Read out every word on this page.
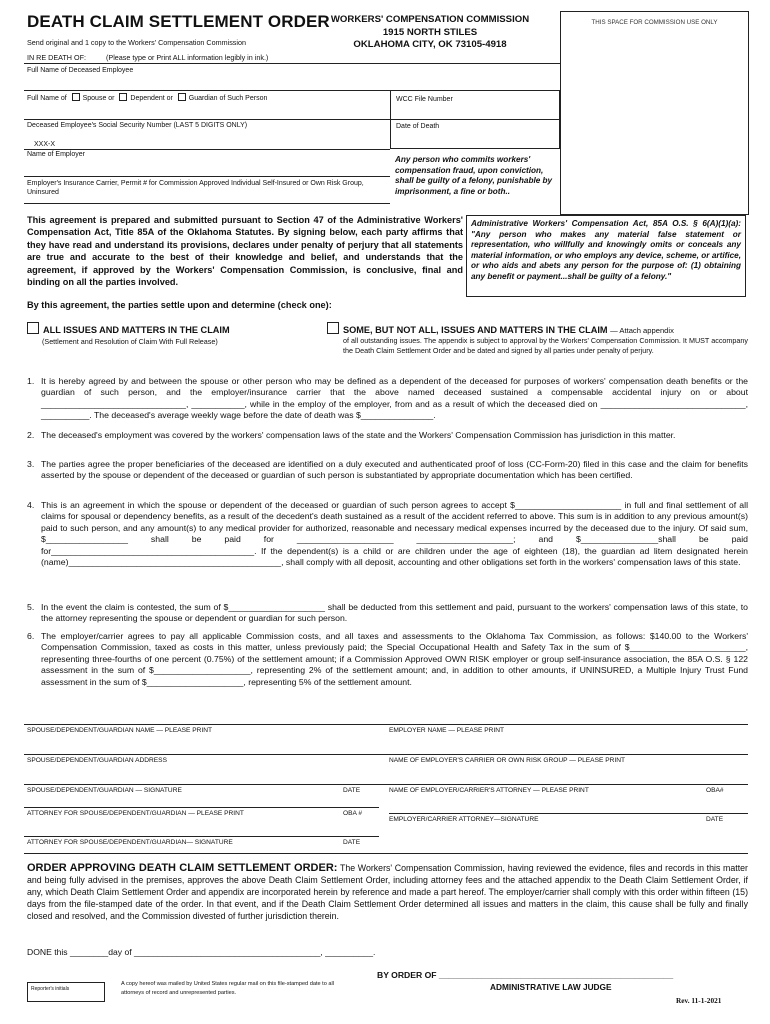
DEATH CLAIM SETTLEMENT ORDER
Send original and 1 copy to the Workers' Compensation Commission
IN RE DEATH OF:	(Please type or Print ALL information legibly in ink.)
WORKERS' COMPENSATION COMMISSION
1915 NORTH STILES
OKLAHOMA CITY, OK 73105-4918
THIS SPACE FOR COMMISSION USE ONLY
Full Name of Deceased Employee
Full Name of Spouse or Dependent or Guardian of Such Person	WCC File Number
Date of Death
Deceased Employee's Social Security Number (LAST 5 DIGITS ONLY)
XXX-X
Name of Employer
Employer's Insurance Carrier, Permit # for Commission Approved Individual Self-Insured or Own Risk Group, Uninsured
Any person who commits workers' compensation fraud, upon conviction, shall be guilty of a felony, punishable by imprisonment, a fine or both..
This agreement is prepared and submitted pursuant to Section 47 of the Administrative Workers' Compensation Act, Title 85A of the Oklahoma Statutes. By signing below, each party affirms that they have read and understand its provisions, declares under penalty of perjury that all statements are true and accurate to the best of their knowledge and belief, and understands that the agreement, if approved by the Workers' Compensation Commission, is conclusive, final and binding on all the parties involved.
Administrative Workers' Compensation Act, 85A O.S. § 6(A)(1)(a): "Any person who makes any material false statement or representation, who willfully and knowingly omits or conceals any material information, or who employs any device, scheme, or artifice, or who aids and abets any person for the purpose of: (1) obtaining any benefit or payment...shall be guilty of a felony."
By this agreement, the parties settle upon and determine (check one):
ALL ISSUES AND MATTERS IN THE CLAIM
(Settlement and Resolution of Claim With Full Release)
SOME, BUT NOT ALL, ISSUES AND MATTERS IN THE CLAIM — Attach appendix
of all outstanding issues. The appendix is subject to approval by the Workers' Compensation Commission. It MUST accompany the Death Claim Settlement Order and be dated and signed by all parties under penalty of perjury.
1. It is hereby agreed by and between the spouse or other person who may be defined as a dependent of the deceased for purposes of workers' compensation death benefits or the guardian of such person, and the employer/insurance carrier that the above named deceased sustained a compensable accidental injury on or about ______________________________, ___________, while in the employ of the employer, from and as a result of which the deceased died on ______________________________, __________. The deceased's average weekly wage before the date of death was $_______________.
2. The deceased's employment was covered by the workers' compensation laws of the state and the Workers' Compensation Commission has jurisdiction in this matter.
3. The parties agree the proper beneficiaries of the deceased are identified on a duly executed and authenticated proof of loss (CC-Form-20) filed in this case and the claim for benefits asserted by the spouse or dependent of the deceased or guardian of such person is substantiated by appropriate documentation which has been certified.
4. This is an agreement in which the spouse or dependent of the deceased or guardian of such person agrees to accept $______________________ in full and final settlement of all claims for spousal or dependency benefits, as a result of the decedent's death sustained as a result of the accident referred to above. This sum is in addition to any previous amount(s) paid to such person, and any amount(s) to any medical provider for authorized, reasonable and necessary medical expenses incurred by the deceased due to the injury. Of said sum, $_________________ shall be paid for ____________________ ____________________; and $________________shall be paid for__________________________________________. If the dependent(s) is a child or are children under the age of eighteen (18), the guardian ad litem designated herein (name)____________________________________________, shall comply with all deposit, accounting and other obligations set forth in the workers' compensation laws of this state.
5. In the event the claim is contested, the sum of $____________________ shall be deducted from this settlement and paid, pursuant to the workers' compensation laws of this state, to the attorney representing the spouse or dependent or guardian for such person.
6. The employer/carrier agrees to pay all applicable Commission costs, and all taxes and assessments to the Oklahoma Tax Commission, as follows: $140.00 to the Workers' Compensation Commission, taxed as costs in this matter, unless previously paid; the Special Occupational Health and Safety Tax in the sum of $________________________, representing three-fourths of one percent (0.75%) of the settlement amount; if a Commission Approved OWN RISK employer or group self-insurance association, the 85A O.S. § 122 assessment in the sum of $____________________, representing 2% of the settlement amount; and, in addition to other amounts, if UNINSURED, a Multiple Injury Trust Fund assessment in the sum of $____________________, representing 5% of the settlement amount.
SPOUSE/DEPENDENT/GUARDIAN NAME — PLEASE PRINT	EMPLOYER NAME — PLEASE PRINT
SPOUSE/DEPENDENT/GUARDIAN ADDRESS	NAME OF EMPLOYER'S CARRIER OR OWN RISK GROUP — PLEASE PRINT
SPOUSE/DEPENDENT/GUARDIAN — SIGNATURE	DATE	NAME OF EMPLOYER/CARRIER'S ATTORNEY — PLEASE PRINT	OBA#
ATTORNEY FOR SPOUSE/DEPENDENT/GUARDIAN — PLEASE PRINT	OBA #
EMPLOYER/CARRIER ATTORNEY—SIGNATURE	DATE
ATTORNEY FOR SPOUSE/DEPENDENT/GUARDIAN— SIGNATURE	DATE
ORDER APPROVING DEATH CLAIM SETTLEMENT ORDER: The Workers' Compensation Commission, having reviewed the evidence, files and records in this matter and being fully advised in the premises, approves the above Death Claim Settlement Order, including attorney fees and the attached appendix to the Death Claim Settlement Order, if any, which Death Claim Settlement Order and appendix are incorporated herein by reference and made a part hereof. The employer/carrier shall comply with this order within fifteen (15) days from the file-stamped date of the order. In that event, and if the Death Claim Settlement Order determined all issues and matters in the claim, this cause shall be fully and finally closed and resolved, and the Commission divested of further jurisdiction therein.
DONE this ________day of _______________________________________, __________.
BY ORDER OF _________________________________________________
ADMINISTRATIVE LAW JUDGE
Rev. 11-1-2021
Reporter's initials
A copy hereof was mailed by United States regular mail on this file-stamped date to all attorneys of record and unrepresented parties.
